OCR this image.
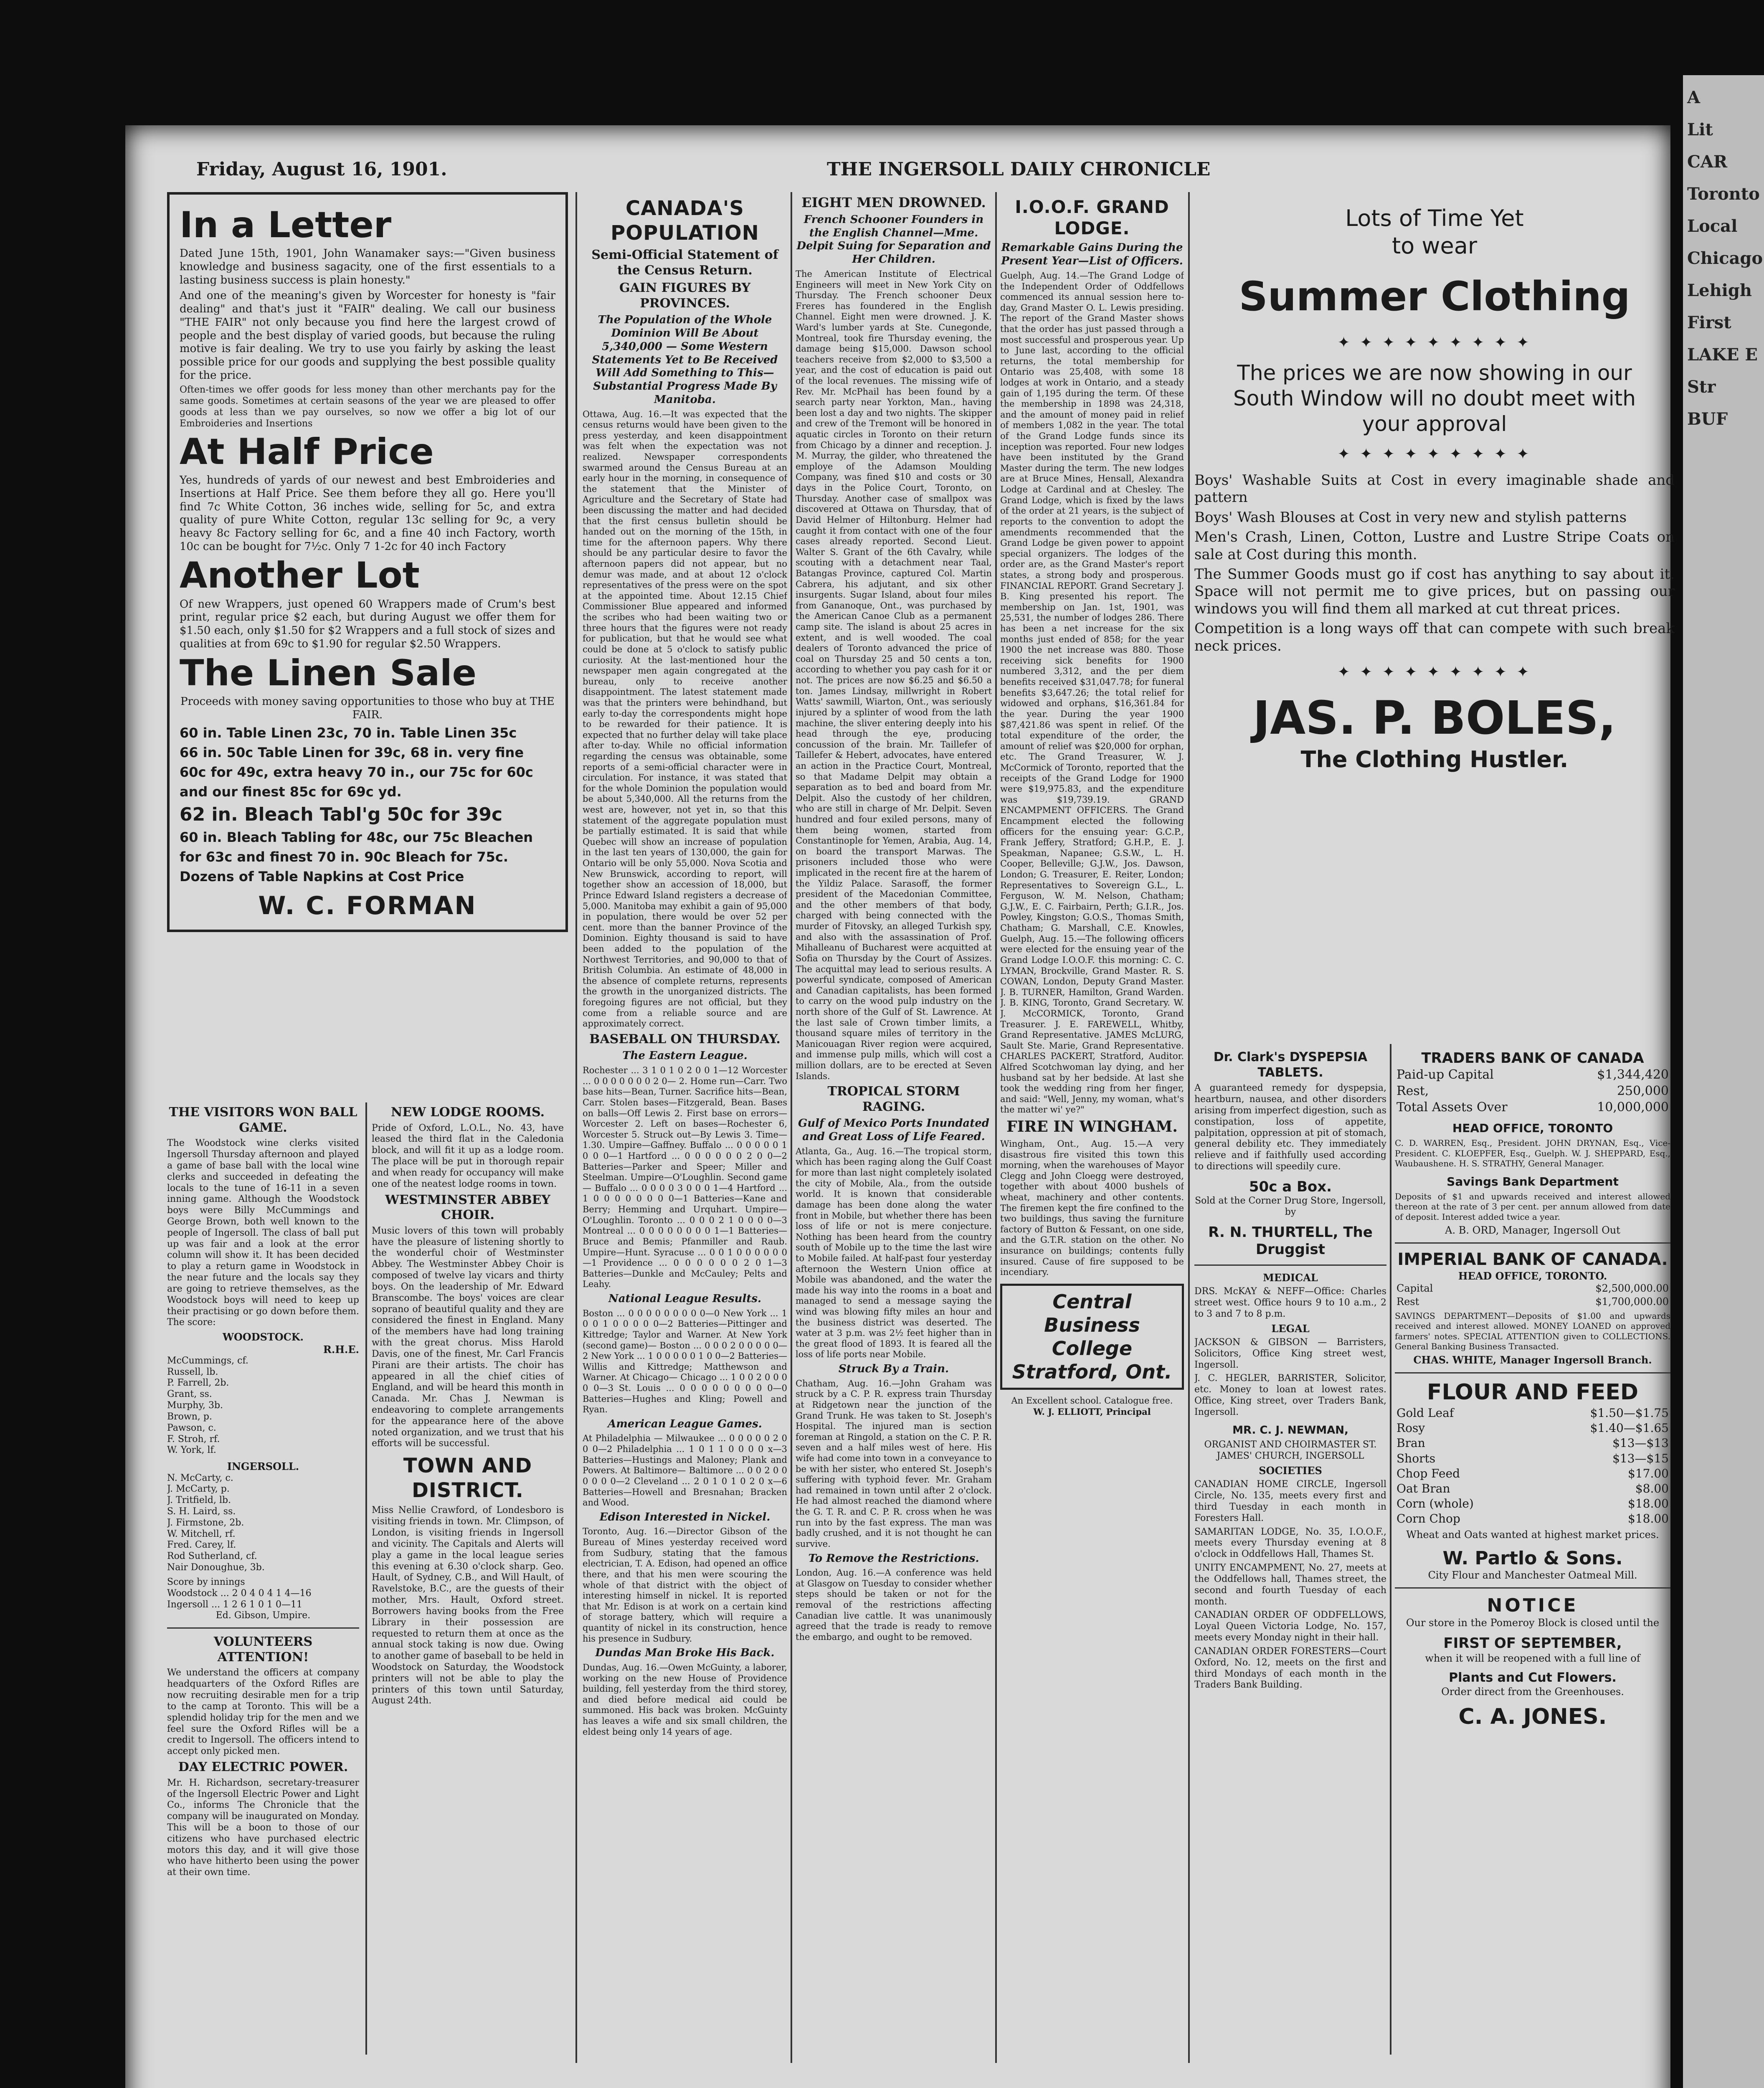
A
Lit
CAR
Toronto
Local
Chicago
Lehigh
First
LAKE E
Str
BUF
Friday, August 16, 1901.	THE INGERSOLL DAILY CHRONICLE
In a Letter

Dated June 15th, 1901, John Wanamaker says:—"Given business knowledge and business sagacity, one of the first essentials to a lasting business success is plain honesty."

And one of the meaning's given by Worcester for honesty is "fair dealing" and that's just it "FAIR" dealing. We call our business "THE FAIR" not only because you find here the largest crowd of people and the best display of varied goods, but because the ruling motive is fair dealing. We try to use you fairly by asking the least possible price for our goods and supplying the best possible quality for the price.

Often-times we offer goods for less money than other merchants pay for the same goods. Sometimes at certain seasons of the year we are pleased to offer goods at less than we pay ourselves, so now we offer a big lot of our Embroideries and Insertions

At Half Price

Yes, hundreds of yards of our newest and best Embroideries and Insertions at Half Price. See them before they all go. Here you'll find 7c White Cotton, 36 inches wide, selling for 5c, and extra quality of pure White Cotton, regular 13c selling for 9c, a very heavy 8c Factory selling for 6c, and a fine 40 inch Factory, worth 10c can be bought for 7½c. Only 7 1-2c for 40 inch Factory

Another Lot

Of new Wrappers, just opened 60 Wrappers made of Crum's best print, regular price $2 each, but during August we offer them for $1.50 each, only $1.50 for $2 Wrappers and a full stock of sizes and qualities at from 69c to $1.90 for regular $2.50 Wrappers.

The Linen Sale

Proceeds with money saving opportunities to those who buy at THE FAIR.

60 in. Table Linen 23c, 70 in. Table Linen 35c
66 in. 50c Table Linen for 39c, 68 in. very fine
60c for 49c, extra heavy 70 in., our 75c for 60c
and our finest 85c for 69c yd.
62 in. Bleach Tabl'g 50c for 39c
60 in. Bleach Tabling for 48c, our 75c Bleachen
for 63c and finest 70 in. 90c Bleach for 75c.
Dozens of Table Napkins at Cost Price
W. C. FORMAN
THE VISITORS WON BALL GAME.

The Woodstock wine clerks visited Ingersoll Thursday afternoon and played a game of base ball with the local wine clerks and succeeded in defeating the locals to the tune of 16-11 in a seven inning game. Although the Woodstock boys were Billy McCummings and George Brown, both well known to the people of Ingersoll. The class of ball put up was fair and a look at the error column will show it. It has been decided to play a return game in Woodstock in the near future and the locals say they are going to retrieve themselves, as the Woodstock boys will need to keep up their practising or go down before them. The score:

WOODSTOCK.
R.H.E.
McCummings, cf.
Russell, lb.
P. Farrell, 2b.
Grant, ss.
Murphy, 3b.
Brown, p.
Pawson, c.
F. Stroh, rf.
W. York, lf.
INGERSOLL.
N. McCarty, c.
J. McCarty, p.
J. Tritfield, lb.
S. H. Laird, ss.
J. Firmstone, 2b.
W. Mitchell, rf.
Fred. Carey, lf.
Rod Sutherland, cf.
Nair Donoughue, 3b.
Score by innings
Woodstock ... 2 0 4 0 4 1 4—16
Ingersoll ... 1 2 6 1 0 1 0—11
Ed. Gibson, Umpire.
VOLUNTEERS ATTENTION!

We understand the officers at company headquarters of the Oxford Rifles are now recruiting desirable men for a trip to the camp at Toronto. This will be a splendid holiday trip for the men and we feel sure the Oxford Rifles will be a credit to Ingersoll. The officers intend to accept only picked men.

DAY ELECTRIC POWER.

Mr. H. Richardson, secretary-treasurer of the Ingersoll Electric Power and Light Co., informs The Chronicle that the company will be inaugurated on Monday. This will be a boon to those of our citizens who have purchased electric motors this day, and it will give those who have hitherto been using the power at their own time.

NEW LODGE ROOMS.

Pride of Oxford, L.O.L., No. 43, have leased the third flat in the Caledonia block, and will fit it up as a lodge room. The place will be put in thorough repair and when ready for occupancy will make one of the neatest lodge rooms in town.

WESTMINSTER ABBEY CHOIR.

Music lovers of this town will probably have the pleasure of listening shortly to the wonderful choir of Westminster Abbey. The Westminster Abbey Choir is composed of twelve lay vicars and thirty boys. On the leadership of Mr. Edward Branscombe. The boys' voices are clear soprano of beautiful quality and they are considered the finest in England. Many of the members have had long training with the great chorus. Miss Harold Davis, one of the finest, Mr. Carl Francis Pirani are their artists. The choir has appeared in all the chief cities of England, and will be heard this month in Canada. Mr. Chas J. Newman is endeavoring to complete arrangements for the appearance here of the above noted organization, and we trust that his efforts will be successful.

TOWN AND DISTRICT.

Miss Nellie Crawford, of Londesboro is visiting friends in town. Mr. Climpson, of London, is visiting friends in Ingersoll and vicinity. The Capitals and Alerts will play a game in the local league series this evening at 6.30 o'clock sharp. Geo. Hault, of Sydney, C.B., and Will Hault, of Ravelstoke, B.C., are the guests of their mother, Mrs. Hault, Oxford street. Borrowers having books from the Free Library in their possession are requested to return them at once as the annual stock taking is now due. Owing to another game of baseball to be held in Woodstock on Saturday, the Woodstock printers will not be able to play the printers of this town until Saturday, August 24th.

CANADA'S POPULATION
Semi-Official Statement of the Census Return.
GAIN FIGURES BY PROVINCES.
The Population of the Whole Dominion Will Be About 5,340,000 — Some Western Statements Yet to Be Received Will Add Something to This—Substantial Progress Made By Manitoba.

Ottawa, Aug. 16.—It was expected that the census returns would have been given to the press yesterday, and keen disappointment was felt when the expectation was not realized. Newspaper correspondents swarmed around the Census Bureau at an early hour in the morning, in consequence of the statement that the Minister of Agriculture and the Secretary of State had been discussing the matter and had decided that the first census bulletin should be handed out on the morning of the 15th, in time for the afternoon papers. Why there should be any particular desire to favor the afternoon papers did not appear, but no demur was made, and at about 12 o'clock representatives of the press were on the spot at the appointed time. About 12.15 Chief Commissioner Blue appeared and informed the scribes who had been waiting two or three hours that the figures were not ready for publication, but that he would see what could be done at 5 o'clock to satisfy public curiosity. At the last-mentioned hour the newspaper men again congregated at the bureau, only to receive another disappointment. The latest statement made was that the printers were behindhand, but early to-day the correspondents might hope to be rewarded for their patience. It is expected that no further delay will take place after to-day. While no official information regarding the census was obtainable, some reports of a semi-official character were in circulation. For instance, it was stated that for the whole Dominion the population would be about 5,340,000. All the returns from the west are, however, not yet in, so that this statement of the aggregate population must be partially estimated. It is said that while Quebec will show an increase of population in the last ten years of 130,000, the gain for Ontario will be only 55,000. Nova Scotia and New Brunswick, according to report, will together show an accession of 18,000, but Prince Edward Island registers a decrease of 5,000. Manitoba may exhibit a gain of 95,000 in population, there would be over 52 per cent. more than the banner Province of the Dominion. Eighty thousand is said to have been added to the population of the Northwest Territories, and 90,000 to that of British Columbia. An estimate of 48,000 in the absence of complete returns, represents the growth in the unorganized districts. The foregoing figures are not official, but they come from a reliable source and are approximately correct.

BASEBALL ON THURSDAY.
The Eastern League.

Rochester ... 3 1 0 1 0 2 0 0 1—12 Worcester ... 0 0 0 0 0 0 0 2 0— 2. Home run—Carr. Two base hits—Bean, Turner. Sacrifice hits—Bean, Carr. Stolen bases—Fitzgerald, Bean. Bases on balls—Off Lewis 2. First base on errors—Worcester 2. Left on bases—Rochester 6, Worcester 5. Struck out—By Lewis 3. Time—1.30. Umpire—Gaffney. Buffalo ... 0 0 0 0 0 1 0 0 0—1 Hartford ... 0 0 0 0 0 0 2 0 0—2 Batteries—Parker and Speer; Miller and Steelman. Umpire—O'Loughlin. Second game — Buffalo ... 0 0 0 0 3 0 0 0 1—4 Hartford ... 1 0 0 0 0 0 0 0 0—1 Batteries—Kane and Berry; Hemming and Urquhart. Umpire—O'Loughlin. Toronto ... 0 0 0 2 1 0 0 0 0—3 Montreal ... 0 0 0 0 0 0 0 0 1—1 Batteries—Bruce and Bemis; Pfanmiller and Raub. Umpire—Hunt. Syracuse ... 0 0 1 0 0 0 0 0 0—1 Providence ... 0 0 0 0 0 0 2 0 1—3 Batteries—Dunkle and McCauley; Pelts and Leahy.

National League Results.

Boston ... 0 0 0 0 0 0 0 0 0—0 New York ... 1 0 0 1 0 0 0 0 0—2 Batteries—Pittinger and Kittredge; Taylor and Warner. At New York (second game)— Boston ... 0 0 0 2 0 0 0 0 0—2 New York ... 1 0 0 0 0 0 1 0 0—2 Batteries—Willis and Kittredge; Matthewson and Warner. At Chicago— Chicago ... 1 0 0 2 0 0 0 0 0—3 St. Louis ... 0 0 0 0 0 0 0 0 0—0 Batteries—Hughes and Kling; Powell and Ryan.

American League Games.

At Philadelphia — Milwaukee ... 0 0 0 0 0 2 0 0 0—2 Philadelphia ... 1 0 1 1 0 0 0 0 x—3 Batteries—Hustings and Maloney; Plank and Powers. At Baltimore— Baltimore ... 0 0 2 0 0 0 0 0 0—2 Cleveland ... 2 0 1 0 1 0 2 0 x—6 Batteries—Howell and Bresnahan; Bracken and Wood.

Edison Interested in Nickel.

Toronto, Aug. 16.—Director Gibson of the Bureau of Mines yesterday received word from Sudbury, stating that the famous electrician, T. A. Edison, had opened an office there, and that his men were scouring the whole of that district with the object of interesting himself in nickel. It is reported that Mr. Edison is at work on a certain kind of storage battery, which will require a quantity of nickel in its construction, hence his presence in Sudbury.

Dundas Man Broke His Back.

Dundas, Aug. 16.—Owen McGuinty, a laborer, working on the new House of Providence building, fell yesterday from the third storey, and died before medical aid could be summoned. His back was broken. McGuinty has leaves a wife and six small children, the eldest being only 14 years of age.

EIGHT MEN DROWNED.
French Schooner Founders in the English Channel—Mme. Delpit Suing for Separation and Her Children.

The American Institute of Electrical Engineers will meet in New York City on Thursday. The French schooner Deux Freres has foundered in the English Channel. Eight men were drowned. J. K. Ward's lumber yards at Ste. Cunegonde, Montreal, took fire Thursday evening, the damage being $15,000. Dawson school teachers receive from $2,000 to $3,500 a year, and the cost of education is paid out of the local revenues. The missing wife of Rev. Mr. McPhail has been found by a search party near Yorkton, Man., having been lost a day and two nights. The skipper and crew of the Tremont will be honored in aquatic circles in Toronto on their return from Chicago by a dinner and reception. J. M. Murray, the gilder, who threatened the employe of the Adamson Moulding Company, was fined $10 and costs or 30 days in the Police Court, Toronto, on Thursday. Another case of smallpox was discovered at Ottawa on Thursday, that of David Helmer of Hiltonburg. Helmer had caught it from contact with one of the four cases already reported. Second Lieut. Walter S. Grant of the 6th Cavalry, while scouting with a detachment near Taal, Batangas Province, captured Col. Martin Cabrera, his adjutant, and six other insurgents. Sugar Island, about four miles from Gananoque, Ont., was purchased by the American Canoe Club as a permanent camp site. The island is about 25 acres in extent, and is well wooded. The coal dealers of Toronto advanced the price of coal on Thursday 25 and 50 cents a ton, according to whether you pay cash for it or not. The prices are now $6.25 and $6.50 a ton. James Lindsay, millwright in Robert Watts' sawmill, Wiarton, Ont., was seriously injured by a splinter of wood from the lath machine, the sliver entering deeply into his head through the eye, producing concussion of the brain. Mr. Taillefer of Taillefer & Hebert, advocates, have entered an action in the Practice Court, Montreal, so that Madame Delpit may obtain a separation as to bed and board from Mr. Delpit. Also the custody of her children, who are still in charge of Mr. Delpit. Seven hundred and four exiled persons, many of them being women, started from Constantinople for Yemen, Arabia, Aug. 14, on board the transport Marwas. The prisoners included those who were implicated in the recent fire at the harem of the Yildiz Palace. Sarasoff, the former president of the Macedonian Committee, and the other members of that body, charged with being connected with the murder of Fitovsky, an alleged Turkish spy, and also with the assassination of Prof. Mihalleanu of Bucharest were acquitted at Sofia on Thursday by the Court of Assizes. The acquittal may lead to serious results. A powerful syndicate, composed of American and Canadian capitalists, has been formed to carry on the wood pulp industry on the north shore of the Gulf of St. Lawrence. At the last sale of Crown timber limits, a thousand square miles of territory in the Manicouagan River region were acquired, and immense pulp mills, which will cost a million dollars, are to be erected at Seven Islands.

TROPICAL STORM RAGING.
Gulf of Mexico Ports Inundated and Great Loss of Life Feared.

Atlanta, Ga., Aug. 16.—The tropical storm, which has been raging along the Gulf Coast for more than last night completely isolated the city of Mobile, Ala., from the outside world. It is known that considerable damage has been done along the water front in Mobile, but whether there has been loss of life or not is mere conjecture. Nothing has been heard from the country south of Mobile up to the time the last wire to Mobile failed. At half-past four yesterday afternoon the Western Union office at Mobile was abandoned, and the water the made his way into the rooms in a boat and managed to send a message saying the wind was blowing fifty miles an hour and the business district was deserted. The water at 3 p.m. was 2½ feet higher than in the great flood of 1893. It is feared all the loss of life ports near Mobile.

Struck By a Train.

Chatham, Aug. 16.—John Graham was struck by a C. P. R. express train Thursday at Ridgetown near the junction of the Grand Trunk. He was taken to St. Joseph's Hospital. The injured man is section foreman at Ringold, a station on the C. P. R. seven and a half miles west of here. His wife had come into town in a conveyance to be with her sister, who entered St. Joseph's suffering with typhoid fever. Mr. Graham had remained in town until after 2 o'clock. He had almost reached the diamond where the G. T. R. and C. P. R. cross when he was run into by the fast express. The man was badly crushed, and it is not thought he can survive.

To Remove the Restrictions.

London, Aug. 16.—A conference was held at Glasgow on Tuesday to consider whether steps should be taken or not for the removal of the restrictions affecting Canadian live cattle. It was unanimously agreed that the trade is ready to remove the embargo, and ought to be removed.

I.O.O.F. GRAND LODGE.
Remarkable Gains During the Present Year—List of Officers.

Guelph, Aug. 14.—The Grand Lodge of the Independent Order of Oddfellows commenced its annual session here to-day, Grand Master O. L. Lewis presiding. The report of the Grand Master shows that the order has just passed through a most successful and prosperous year. Up to June last, according to the official returns, the total membership for Ontario was 25,408, with some 18 lodges at work in Ontario, and a steady gain of 1,195 during the term. Of these the membership in 1898 was 24,318, and the amount of money paid in relief of members 1,082 in the year. The total of the Grand Lodge funds since its inception was reported. Four new lodges have been instituted by the Grand Master during the term. The new lodges are at Bruce Mines, Hensall, Alexandra Lodge at Cardinal and at Chesley. The Grand Lodge, which is fixed by the laws of the order at 21 years, is the subject of reports to the convention to adopt the amendments recommended that the Grand Lodge be given power to appoint special organizers. The lodges of the order are, as the Grand Master's report states, a strong body and prosperous. FINANCIAL REPORT. Grand Secretary J. B. King presented his report. The membership on Jan. 1st, 1901, was 25,531, the number of lodges 286. There has been a net increase for the six months just ended of 858; for the year 1900 the net increase was 880. Those receiving sick benefits for 1900 numbered 3,312, and the per diem benefits received $31,047.78; for funeral benefits $3,647.26; the total relief for widowed and orphans, $16,361.84 for the year. During the year 1900 $87,421.86 was spent in relief. Of the total expenditure of the order, the amount of relief was $20,000 for orphan, etc. The Grand Treasurer, W. J. McCormick of Toronto, reported that the receipts of the Grand Lodge for 1900 were $19,975.83, and the expenditure was $19,739.19. GRAND ENCAMPMENT OFFICERS. The Grand Encampment elected the following officers for the ensuing year: G.C.P., Frank Jeffery, Stratford; G.H.P., E. J. Speakman, Napanee; G.S.W., L. H. Cooper, Belleville; G.J.W., Jos. Dawson, London; G. Treasurer, E. Reiter, London; Representatives to Sovereign G.L., L. Ferguson, W. M. Nelson, Chatham; G.J.W., E. C. Fairbairn, Perth; G.I.R., Jos. Powley, Kingston; G.O.S., Thomas Smith, Chatham; G. Marshall, C.E. Knowles, Guelph, Aug. 15.—The following officers were elected for the ensuing year of the Grand Lodge I.O.O.F. this morning: C. C. LYMAN, Brockville, Grand Master. R. S. COWAN, London, Deputy Grand Master. J. B. TURNER, Hamilton, Grand Warden. J. B. KING, Toronto, Grand Secretary. W. J. McCORMICK, Toronto, Grand Treasurer. J. E. FAREWELL, Whitby, Grand Representative. JAMES McLURG, Sault Ste. Marie, Grand Representative. CHARLES PACKERT, Stratford, Auditor. Alfred Scotchwoman lay dying, and her husband sat by her bedside. At last she took the wedding ring from her finger, and said: "Well, Jenny, my woman, what's the matter wi' ye?"

FIRE IN WINGHAM.

Wingham, Ont., Aug. 15.—A very disastrous fire visited this town this morning, when the warehouses of Mayor Clegg and John Cloegg were destroyed, together with about 4000 bushels of wheat, machinery and other contents. The firemen kept the fire confined to the two buildings, thus saving the furniture factory of Button & Fessant, on one side, and the G.T.R. station on the other. No insurance on buildings; contents fully insured. Cause of fire supposed to be incendiary.

Central Business College Stratford, Ont.
An Excellent school. Catalogue free.
W. J. ELLIOTT, Principal
Lots of Time Yet
to wear
Summer Clothing
✦ ✦ ✦ ✦ ✦ ✦ ✦ ✦ ✦
The prices we are now showing in our South Window will no doubt meet with your approval
✦ ✦ ✦ ✦ ✦ ✦ ✦ ✦ ✦

Boys' Washable Suits at Cost in every imaginable shade and pattern

Boys' Wash Blouses at Cost in very new and stylish patterns

Men's Crash, Linen, Cotton, Lustre and Lustre Stripe Coats on sale at Cost during this month.

The Summer Goods must go if cost has anything to say about it. Space will not permit me to give prices, but on passing our windows you will find them all marked at cut threat prices.

Competition is a long ways off that can compete with such break neck prices.

✦ ✦ ✦ ✦ ✦ ✦ ✦ ✦ ✦
JAS. P. BOLES,
The Clothing Hustler.
Dr. Clark's DYSPEPSIA TABLETS.

A guaranteed remedy for dyspepsia, heartburn, nausea, and other disorders arising from imperfect digestion, such as constipation, loss of appetite, palpitation, oppression at pit of stomach, general debility etc. They immediately relieve and if faithfully used according to directions will speedily cure.

50c a Box.
Sold at the Corner Drug Store, Ingersoll, by
R. N. THURTELL, The Druggist
MEDICAL

DRS. McKAY & NEFF—Office: Charles street west. Office hours 9 to 10 a.m., 2 to 3 and 7 to 8 p.m.

LEGAL

JACKSON & GIBSON — Barristers, Solicitors, Office King street west, Ingersoll.

J. C. HEGLER, BARRISTER, Solicitor, etc. Money to loan at lowest rates. Office, King street, over Traders Bank, Ingersoll.

MR. C. J. NEWMAN,

ORGANIST AND CHOIRMASTER ST. JAMES' CHURCH, INGERSOLL

SOCIETIES

CANADIAN HOME CIRCLE, Ingersoll Circle, No. 135, meets every first and third Tuesday in each month in Foresters Hall.

SAMARITAN LODGE, No. 35, I.O.O.F., meets every Thursday evening at 8 o'clock in Oddfellows Hall, Thames St.

UNITY ENCAMPMENT, No. 27, meets at the Oddfellows hall, Thames street, the second and fourth Tuesday of each month.

CANADIAN ORDER OF ODDFELLOWS, Loyal Queen Victoria Lodge, No. 157, meets every Monday night in their hall.

CANADIAN ORDER FORESTERS—Court Oxford, No. 12, meets on the first and third Mondays of each month in the Traders Bank Building.

TRADERS BANK OF CANADA
Paid-up Capital	$1,344,420
Rest,	250,000
Total Assets Over	10,000,000
HEAD OFFICE, TORONTO

C. D. WARREN, Esq., President. JOHN DRYNAN, Esq., Vice-President. C. KLOEPFER, Esq., Guelph. W. J. SHEPPARD, Esq., Waubaushene. H. S. STRATHY, General Manager.

Savings Bank Department

Deposits of $1 and upwards received and interest allowed thereon at the rate of 3 per cent. per annum allowed from date of deposit. Interest added twice a year.

A. B. ORD, Manager, Ingersoll Out
IMPERIAL BANK OF CANADA.
HEAD OFFICE, TORONTO.
Capital	$2,500,000.00
Rest	$1,700,000.00

SAVINGS DEPARTMENT—Deposits of $1.00 and upwards received and interest allowed. MONEY LOANED on approved farmers' notes. SPECIAL ATTENTION given to COLLECTIONS. General Banking Business Transacted.

CHAS. WHITE, Manager Ingersoll Branch.
FLOUR AND FEED
Gold Leaf	$1.50—$1.75
Rosy	$1.40—$1.65
Bran	$13—$13
Shorts	$13—$15
Chop Feed	$17.00
Oat Bran	$8.00
Corn (whole)	$18.00
Corn Chop	$18.00

Wheat and Oats wanted at highest market prices.

W. Partlo & Sons.
City Flour and Manchester Oatmeal Mill.
NOTICE
Our store in the Pomeroy Block is closed until the
FIRST OF SEPTEMBER,
when it will be reopened with a full line of
Plants and Cut Flowers.
Order direct from the Greenhouses.
C. A. JONES.
